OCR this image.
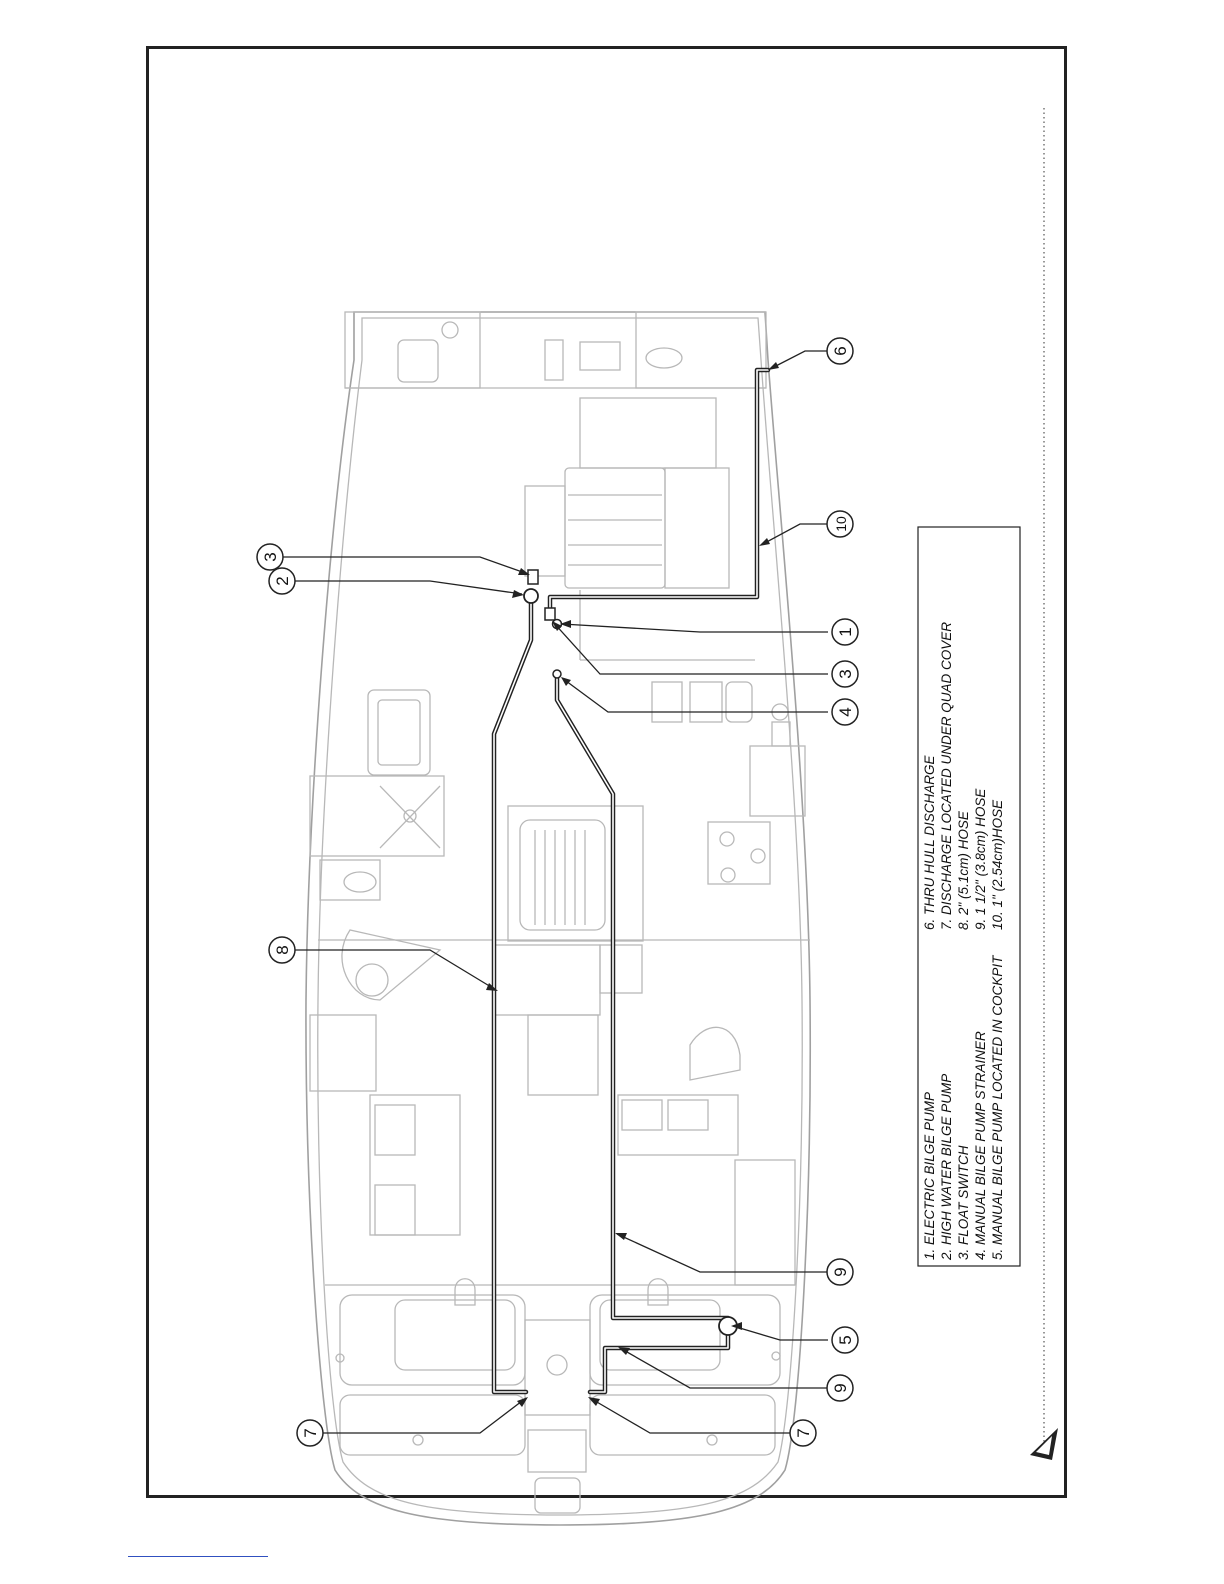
1
2
3
3
4
5
6
7	7
8
9
9
10
1. ELECTRIC BILGE PUMP 2. HIGH WATER BILGE PUMP 3. FLOAT SWITCH 4. MANUAL BILGE PUMP STRAINER 5. MANUAL BILGE PUMP LOCATED IN COCKPIT
6. THRU HULL DISCHARGE 7. DISCHARGE LOCATED UNDER QUAD COVER 8. 2" (5.1cm) HOSE 9. 1 1/2" (3.8cm) HOSE 10. 1" (2.54cm)HOSE
